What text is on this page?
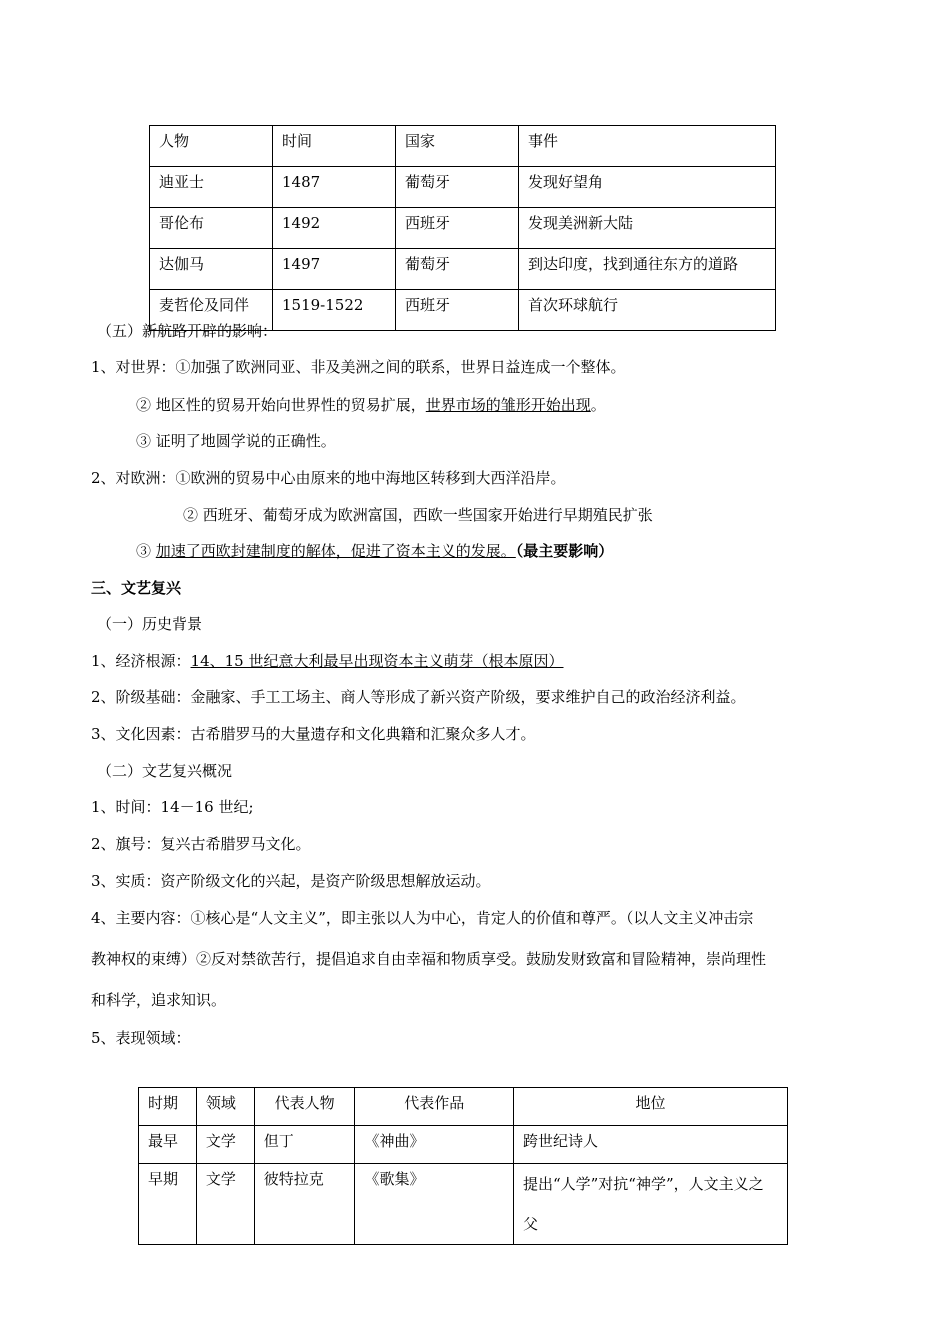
人物	时间	国家	事件
迪亚士	1487	葡萄牙	发现好望角
哥伦布	1492	西班牙	发现美洲新大陆
达伽马	1497	葡萄牙	到达印度，找到通往东方的道路
麦哲伦及同伴	1519-1522	西班牙	首次环球航行
（五）新航路开辟的影响：
1、对世界：①加强了欧洲同亚、非及美洲之间的联系，世界日益连成一个整体。
② 地区性的贸易开始向世界性的贸易扩展，世界市场的雏形开始出现。
③ 证明了地圆学说的正确性。
2、对欧洲：①欧洲的贸易中心由原来的地中海地区转移到大西洋沿岸。
② 西班牙、葡萄牙成为欧洲富国，西欧一些国家开始进行早期殖民扩张
③ 加速了西欧封建制度的解体，促进了资本主义的发展。（最主要影响）
三、文艺复兴
（一）历史背景
1、经济根源：14、15 世纪意大利最早出现资本主义萌芽（根本原因）
2、阶级基础：金融家、手工工场主、商人等形成了新兴资产阶级，要求维护自己的政治经济利益。
3、文化因素：古希腊罗马的大量遗存和文化典籍和汇聚众多人才。
（二）文艺复兴概况
1、时间：14－16 世纪;
2、旗号：复兴古希腊罗马文化。
3、实质：资产阶级文化的兴起，是资产阶级思想解放运动。
4、主要内容：①核心是“人文主义”，即主张以人为中心，肯定人的价值和尊严。（以人文主义冲击宗
教神权的束缚）②反对禁欲苦行，提倡追求自由幸福和物质享受。鼓励发财致富和冒险精神，崇尚理性
和科学，追求知识。
5、表现领域：
时期	领域	代表人物	代表作品	地位
最早	文学	但丁	《神曲》	跨世纪诗人
早期	文学	彼特拉克	《歌集》	提出“人学”对抗“神学”，人文主义之父
